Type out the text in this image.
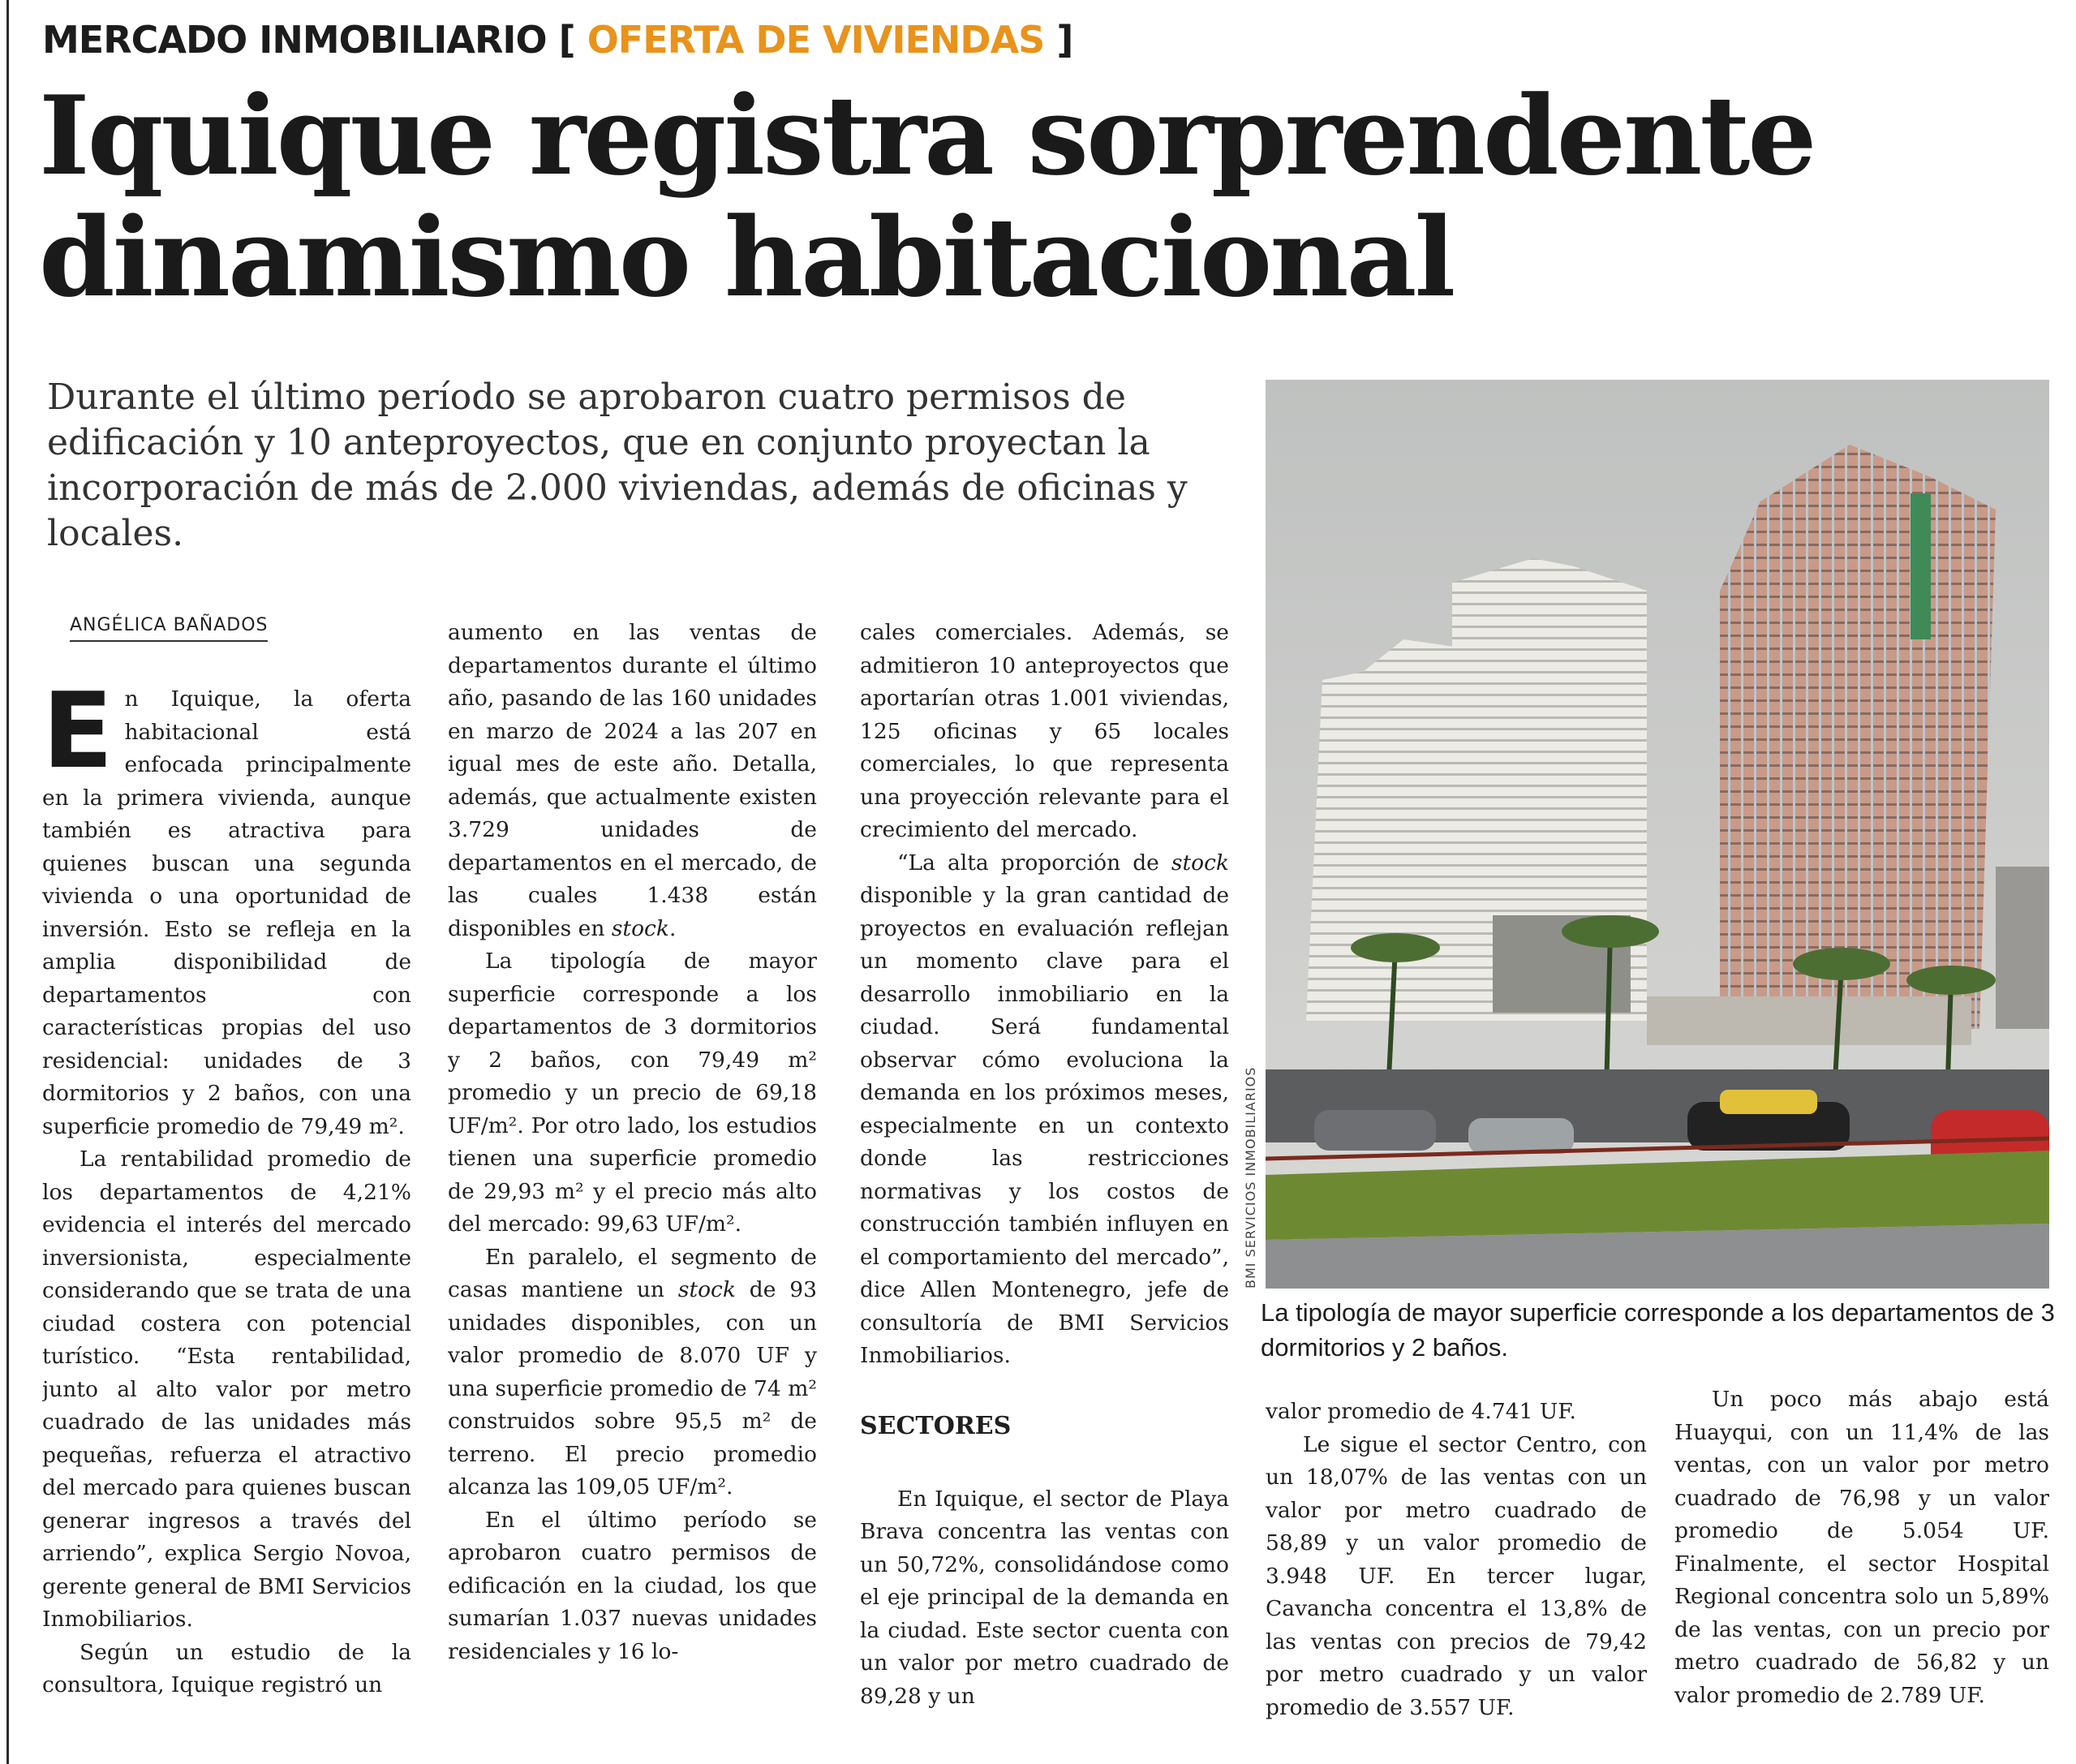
MERCADO INMOBILIARIO [ OFERTA DE VIVIENDAS ]
Iquique registra sorprendente dinamismo habitacional

Durante el último período se aprobaron cuatro permisos de edificación y 10 anteproyectos, que en conjunto proyectan la incorporación de más de 2.000 viviendas, además de oficinas y locales.

ANGÉLICA BAÑADOS

En Iquique, la oferta habitacional está enfocada principalmente en la primera vivienda, aunque también es atractiva para quienes buscan una segunda vivienda o una oportunidad de inversión. Esto se refleja en la amplia disponibilidad de departamentos con características propias del uso residencial: unidades de 3 dormitorios y 2 baños, con una superficie promedio de 79,49 m².

La rentabilidad promedio de los departamentos de 4,21% evidencia el interés del mercado inversionista, especialmente considerando que se trata de una ciudad costera con potencial turístico. “Esta rentabilidad, junto al alto valor por metro cuadrado de las unidades más pequeñas, refuerza el atractivo del mercado para quienes buscan generar ingresos a través del arriendo”, explica Sergio Novoa, gerente general de BMI Servicios Inmobiliarios.

Según un estudio de la consultora, Iquique registró un

aumento en las ventas de departamentos durante el último año, pasando de las 160 unidades en marzo de 2024 a las 207 en igual mes de este año. Detalla, además, que actualmente existen 3.729 unidades de departamentos en el mercado, de las cuales 1.438 están disponibles en stock.

La tipología de mayor superficie corresponde a los departamentos de 3 dormitorios y 2 baños, con 79,49 m² promedio y un precio de 69,18 UF/m². Por otro lado, los estudios tienen una superficie promedio de 29,93 m² y el precio más alto del mercado: 99,63 UF/m².

En paralelo, el segmento de casas mantiene un stock de 93 unidades disponibles, con un valor promedio de 8.070 UF y una superficie promedio de 74 m² construidos sobre 95,5 m² de terreno. El precio promedio alcanza las 109,05 UF/m².

En el último período se aprobaron cuatro permisos de edificación en la ciudad, los que sumarían 1.037 nuevas unidades residenciales y 16 lo-

cales comerciales. Además, se admitieron 10 anteproyectos que aportarían otras 1.001 viviendas, 125 oficinas y 65 locales comerciales, lo que representa una proyección relevante para el crecimiento del mercado.

“La alta proporción de stock disponible y la gran cantidad de proyectos en evaluación reflejan un momento clave para el desarrollo inmobiliario en la ciudad. Será fundamental observar cómo evoluciona la demanda en los próximos meses, especialmente en un contexto donde las restricciones normativas y los costos de construcción también influyen en el comportamiento del mercado”, dice Allen Montenegro, jefe de consultoría de BMI Servicios Inmobiliarios.

SECTORES

En Iquique, el sector de Playa Brava concentra las ventas con un 50,72%, consolidándose como el eje principal de la demanda en la ciudad. Este sector cuenta con un valor por metro cuadrado de 89,28 y un

BMI SERVICIOS INMOBILIARIOS

La tipología de mayor superficie corresponde a los departamentos de 3 dormitorios y 2 baños.

valor promedio de 4.741 UF.

Le sigue el sector Centro, con un 18,07% de las ventas con un valor por metro cuadrado de 58,89 y un valor promedio de 3.948 UF. En tercer lugar, Cavancha concentra el 13,8% de las ventas con precios de 79,42 por metro cuadrado y un valor promedio de 3.557 UF.

Un poco más abajo está Huayqui, con un 11,4% de las ventas, con un valor por metro cuadrado de 76,98 y un valor promedio de 5.054 UF. Finalmente, el sector Hospital Regional concentra solo un 5,89% de las ventas, con un precio por metro cuadrado de 56,82 y un valor promedio de 2.789 UF.
